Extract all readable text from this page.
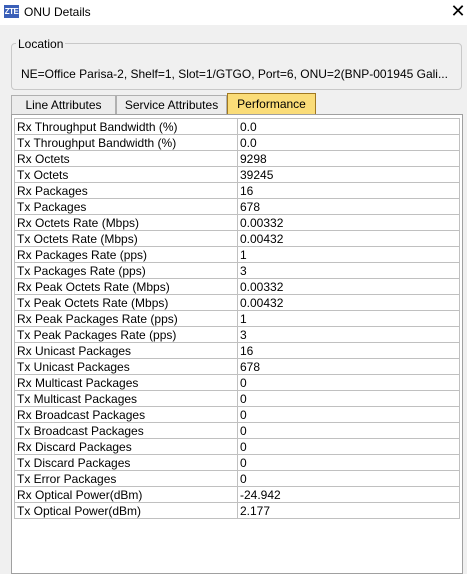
ZTE ONU Details	✕
Location
NE=Office Parisa-2, Shelf=1, Slot=1/GTGO, Port=6, ONU=2(BNP-001945 Gali...
Line Attributes	Service Attributes	Performance
Rx Throughput Bandwidth (%)	0.0
Tx Throughput Bandwidth (%)	0.0
Rx Octets	9298
Tx Octets	39245
Rx Packages	16
Tx Packages	678
Rx Octets Rate (Mbps)	0.00332
Tx Octets Rate (Mbps)	0.00432
Rx Packages Rate (pps)	1
Tx Packages Rate (pps)	3
Rx Peak Octets Rate (Mbps)	0.00332
Tx Peak Octets Rate (Mbps)	0.00432
Rx Peak Packages Rate (pps)	1
Tx Peak Packages Rate (pps)	3
Rx Unicast Packages	16
Tx Unicast Packages	678
Rx Multicast Packages	0
Tx Multicast Packages	0
Rx Broadcast Packages	0
Tx Broadcast Packages	0
Rx Discard Packages	0
Tx Discard Packages	0
Tx Error Packages	0
Rx Optical Power(dBm)	-24.942
Tx Optical Power(dBm)	2.177
